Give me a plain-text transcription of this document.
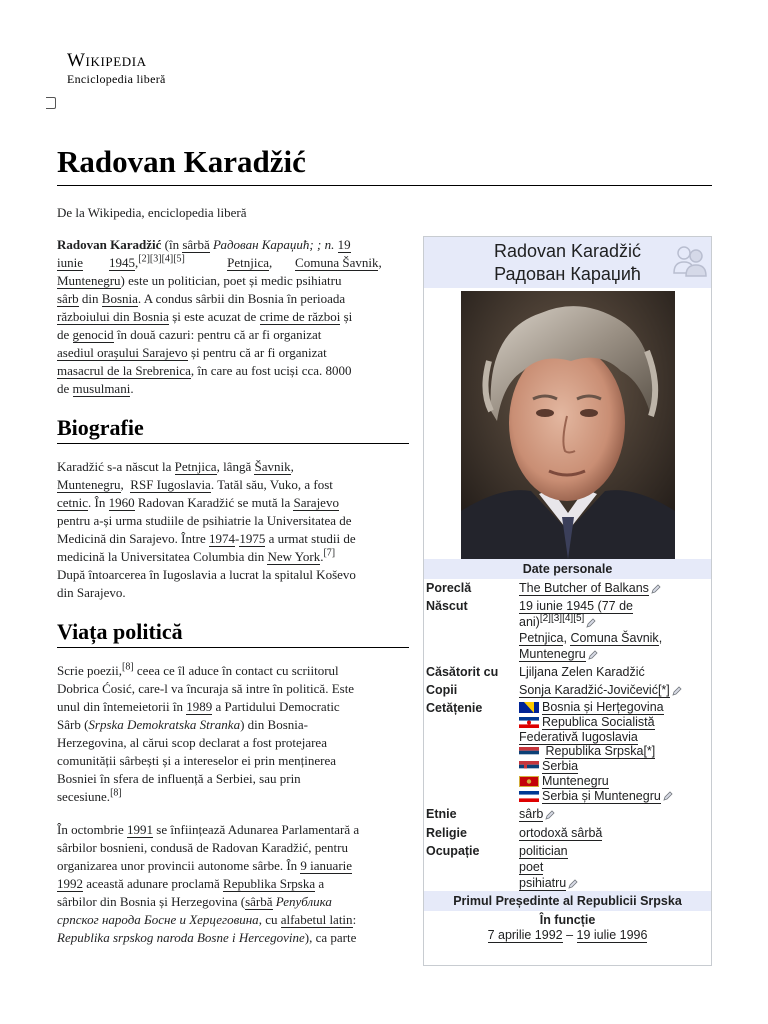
Wikipedia
Enciclopedia liberă
Radovan Karadžić
De la Wikipedia, enciclopedia liberă

Radovan Karadžić (în sârbă Радован Караџић; ; n. 19
iunie 1945,[2][3][4][5]	Petnjica,       Comuna Šavnik,
Muntenegru) este un politician, poet și medic psihiatru
sârb din Bosnia. A condus sârbii din Bosnia în perioada
războiului din Bosnia și este acuzat de crime de război și
de genocid în două cazuri: pentru că ar fi organizat
asediul orașului Sarajevo și pentru că ar fi organizat
masacrul de la Srebrenica, în care au fost uciși cca. 8000
de musulmani.

Biografie

Karadžić s-a născut la Petnjica, lângă Šavnik,
Muntenegru,  RSF Iugoslavia. Tatăl său, Vuko, a fost
cetnic. În 1960 Radovan Karadžić se mută la Sarajevo
pentru a-și urma studiile de psihiatrie la Universitatea de
Medicină din Sarajevo. Între 1974-1975 a urmat studii de
medicină la Universitatea Columbia din New York.[7]
După întoarcerea în Iugoslavia a lucrat la spitalul Koševo
din Sarajevo.

Viața politică

Scrie poezii,[8] ceea ce îl aduce în contact cu scriitorul
Dobrica Ćosić, care-l va încuraja să intre în politică. Este
unul din întemeietorii în 1989 a Partidului Democratic
Sârb (Srpska Demokratska Stranka) din Bosnia-
Herzegovina, al cărui scop declarat a fost protejarea
comunității sârbești și a intereselor ei prin menținerea
Bosniei în sfera de influență a Serbiei, sau prin
secesiune.[8]

În octombrie 1991 se înființează Adunarea Parlamentară a
sârbilor bosnieni, condusă de Radovan Karadžić, pentru
organizarea unor provincii autonome sârbe. În 9 ianuarie
1992 această adunare proclamă Republika Srpska a
sârbilor din Bosnia și Herzegovina (sârbă Република
српског народа Босне и Херцеговина, cu alfabetul latin:
Republika srpskog naroda Bosne i Hercegovine), ca parte

Radovan Karadžić
Радован Караџић
Date personale
Poreclă	The Butcher of Balkans
Născut	19 iunie 1945 (77 de
ani)[2][3][4][5]
Petnjica, Comuna Šavnik,
Muntenegru
Căsătorit cu	Ljiljana Zelen Karadžić
Copii	Sonja Karadžić-Jovičević[*]
Cetățenie	Bosnia și Herțegovina
Republica Socialistă
Federativă Iugoslavia
Republika Srpska[*]
Serbia
Muntenegru
Serbia și Muntenegru
Etnie	sârb
Religie	ortodoxă sârbă
Ocupație	politician
poet
psihiatru
Primul Președinte al Republicii Srpska
În funcție
7 aprilie 1992 – 19 iulie 1996
